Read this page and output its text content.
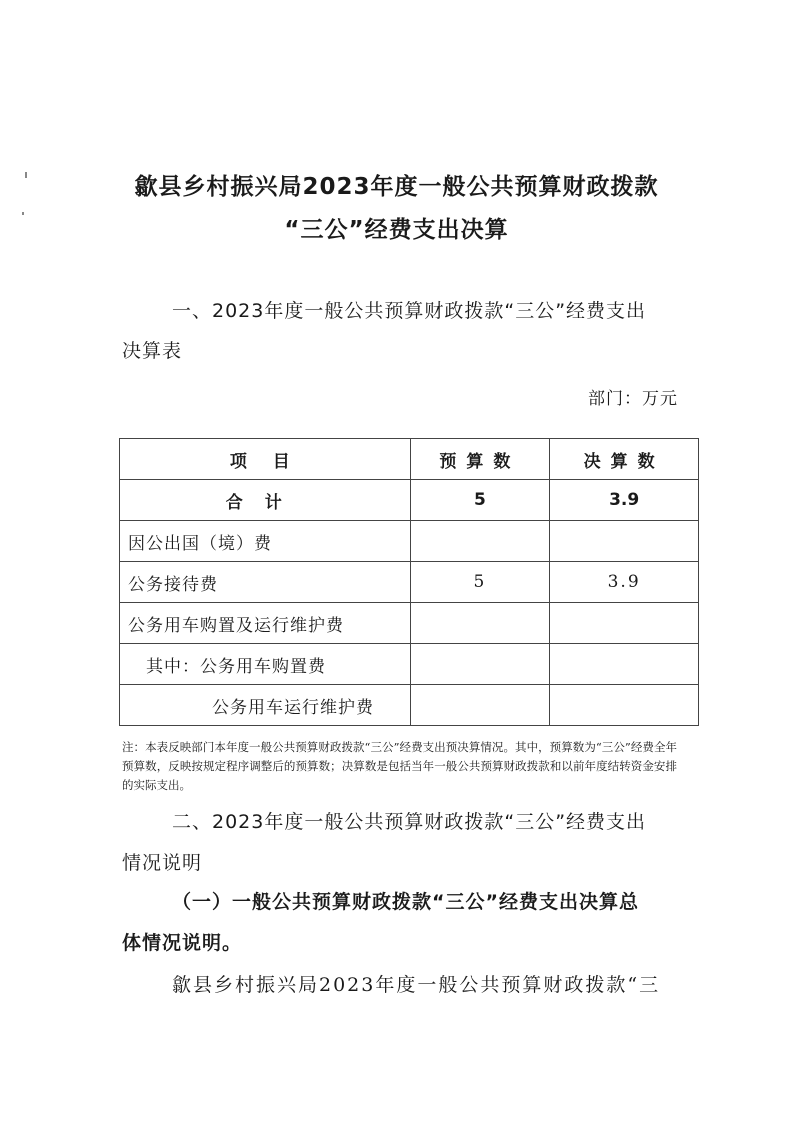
歙县乡村振兴局2023年度一般公共预算财政拨款
“三公”经费支出决算
一、2023年度一般公共预算财政拨款“三公”经费支出
决算表
部门：万元
项 目	预算数	决算数
合计	5	3.9
因公出国（境）费		
公务接待费	5	3.9
公务用车购置及运行维护费		
其中：公务用车购置费		
公务用车运行维护费		
注：本表反映部门本年度一般公共预算财政拨款“三公”经费支出预决算情况。其中，预算数为“三公”经费全年预算数，反映按规定程序调整后的预算数；决算数是包括当年一般公共预算财政拨款和以前年度结转资金安排的实际支出。
二、2023年度一般公共预算财政拨款“三公”经费支出
情况说明
（一）一般公共预算财政拨款“三公”经费支出决算总
体情况说明。
歙县乡村振兴局2023年度一般公共预算财政拨款“三
